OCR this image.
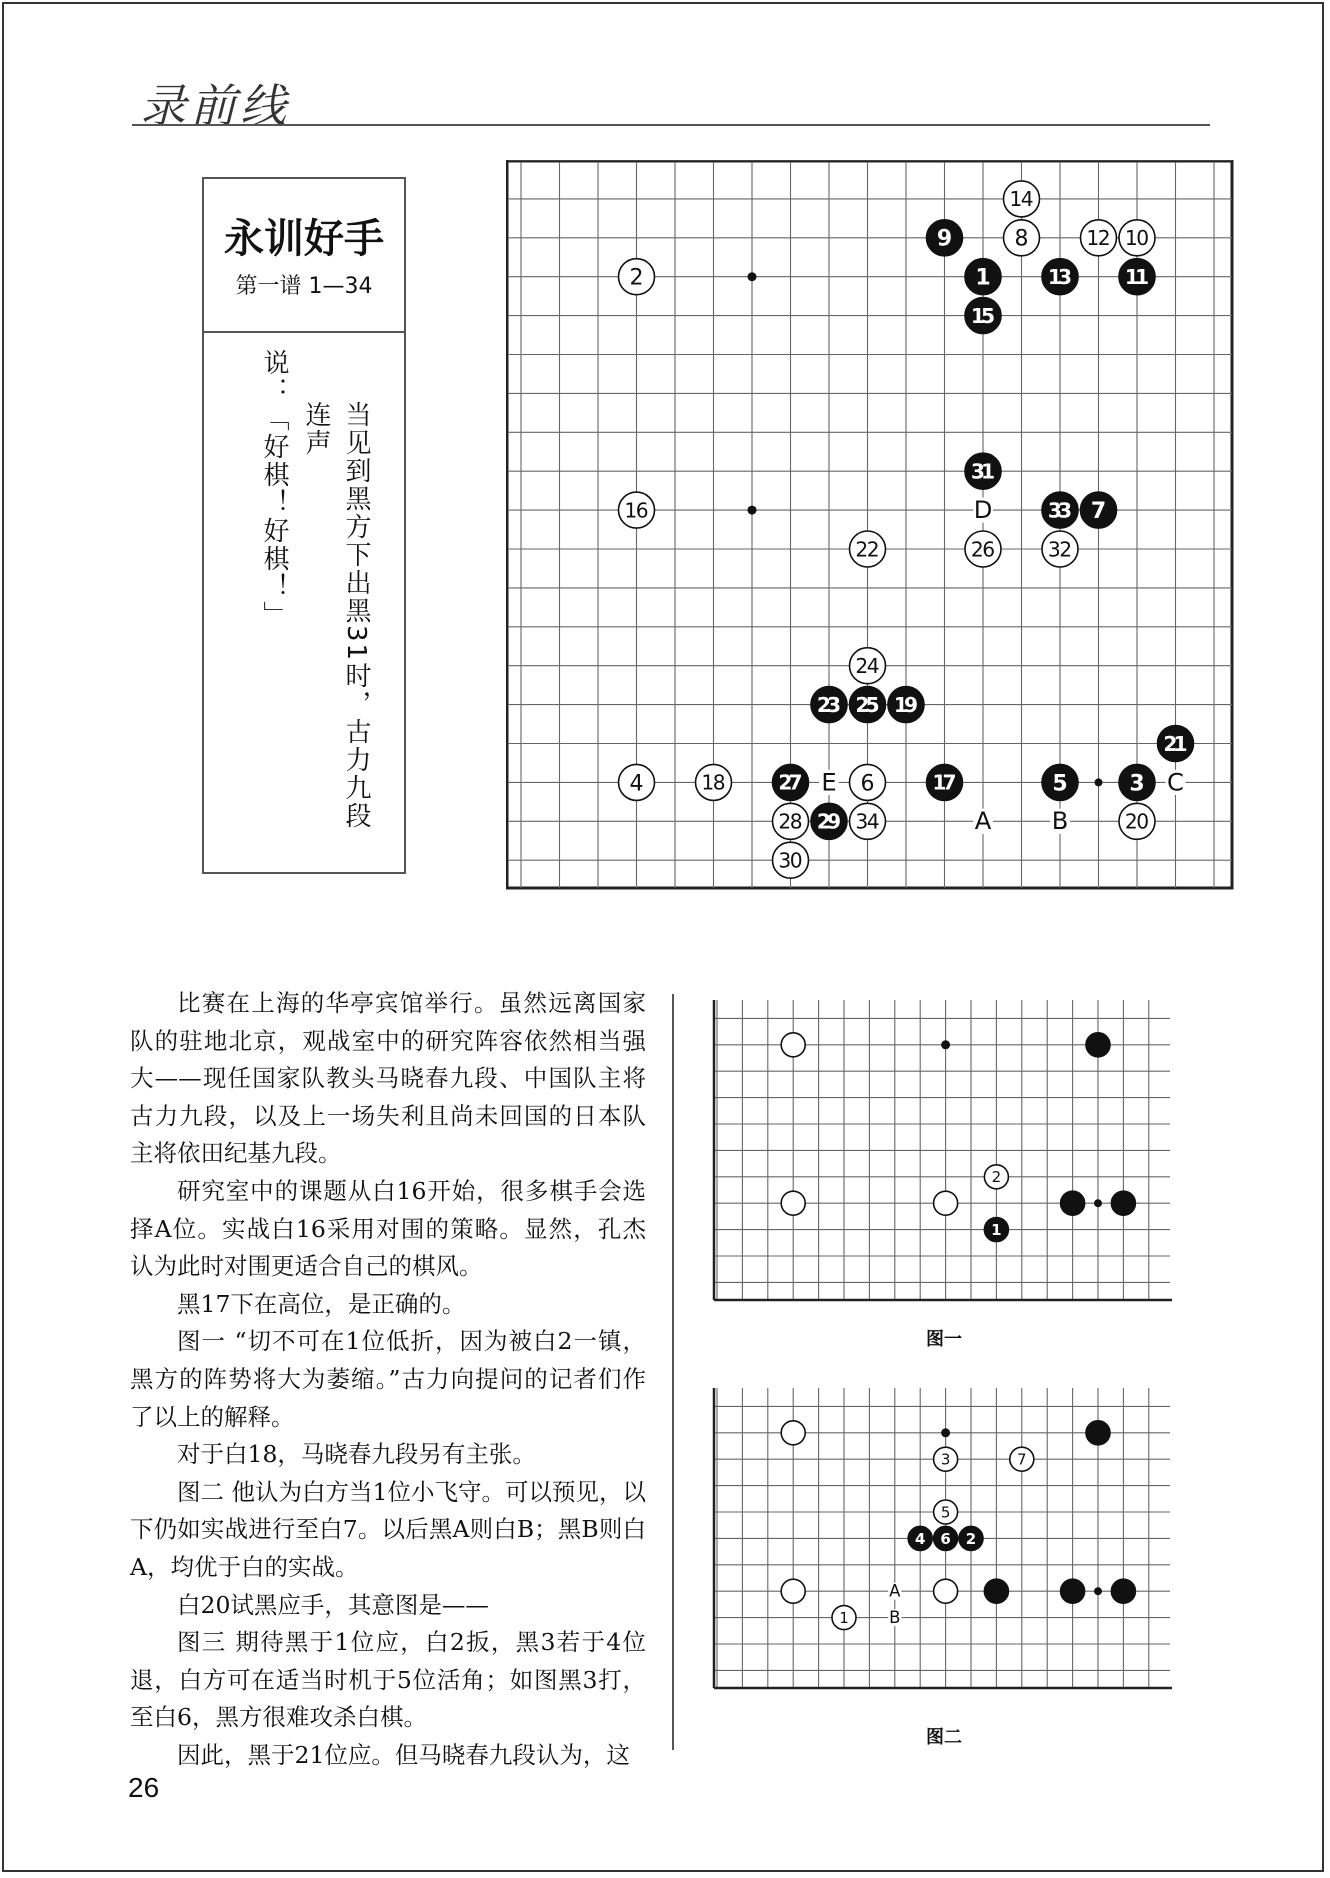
录前线
永训好手
第一谱 1—34
当见到黑方下出黑31时，古力九段连声
说：「好棋！好棋！」	D
C
E
A B
1
2
3
4	5
6
7
8
9	10
11
12
13
14
15
16
17
18
19
20
21
22
23
24
25
26
27
28 29
30
31
32
33
34
2
1
图一
A
B
3	7
5
4 6 2
1
图二

比赛在上海的华亭宾馆举行。虽然远离国家队的驻地北京，观战室中的研究阵容依然相当强大——现任国家队教头马晓春九段、中国队主将古力九段，以及上一场失利且尚未回国的日本队主将依田纪基九段。

研究室中的课题从白16开始，很多棋手会选择A位。实战白16采用对围的策略。显然，孔杰认为此时对围更适合自己的棋风。

黑17下在高位，是正确的。

图一 “切不可在1位低折，因为被白2一镇，黑方的阵势将大为萎缩。”古力向提问的记者们作了以上的解释。

对于白18，马晓春九段另有主张。

图二 他认为白方当1位小飞守。可以预见，以下仍如实战进行至白7。以后黑A则白B；黑B则白A，均优于白的实战。

白20试黑应手，其意图是——

图三 期待黑于1位应，白2扳，黑3若于4位退，白方可在适当时机于5位活角；如图黑3打，至白6，黑方很难攻杀白棋。

因此，黑于21位应。但马晓春九段认为，这

26
